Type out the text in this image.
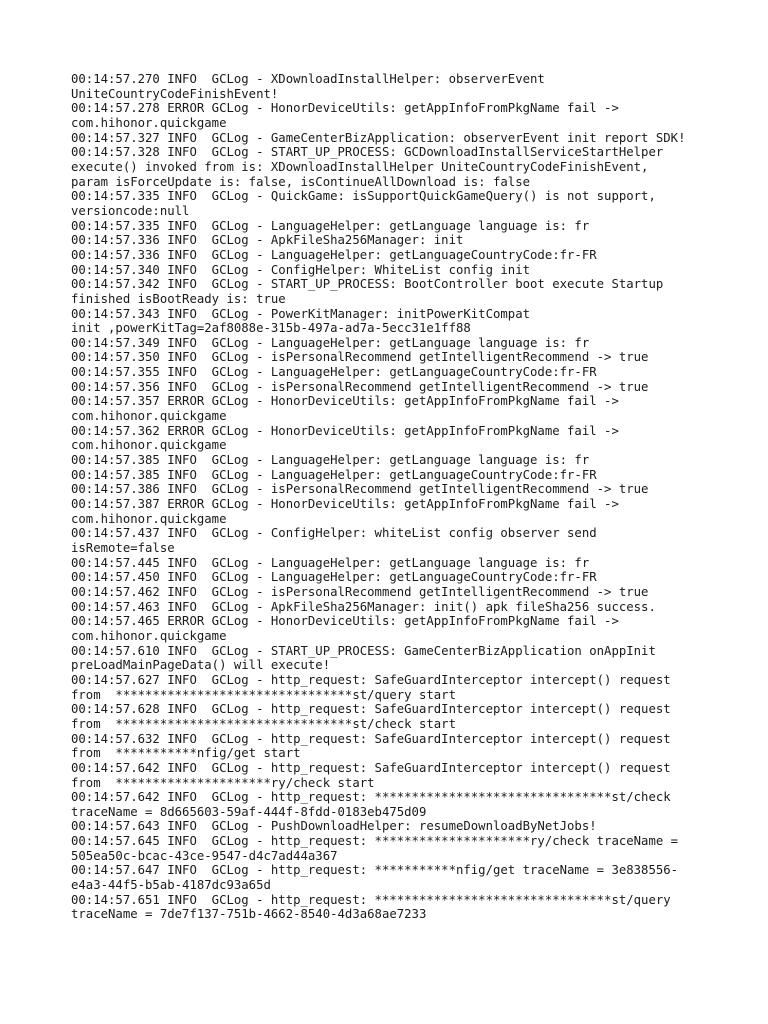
00:14:57.270 INFO  GCLog - XDownloadInstallHelper: observerEvent
UniteCountryCodeFinishEvent!
00:14:57.278 ERROR GCLog - HonorDeviceUtils: getAppInfoFromPkgName fail ->
com.hihonor.quickgame
00:14:57.327 INFO  GCLog - GameCenterBizApplication: observerEvent init report SDK!
00:14:57.328 INFO  GCLog - START_UP_PROCESS: GCDownloadInstallServiceStartHelper
execute() invoked from is: XDownloadInstallHelper UniteCountryCodeFinishEvent,
param isForceUpdate is: false, isContinueAllDownload is: false
00:14:57.335 INFO  GCLog - QuickGame: isSupportQuickGameQuery() is not support,
versioncode:null
00:14:57.335 INFO  GCLog - LanguageHelper: getLanguage language is: fr
00:14:57.336 INFO  GCLog - ApkFileSha256Manager: init
00:14:57.336 INFO  GCLog - LanguageHelper: getLanguageCountryCode:fr-FR
00:14:57.340 INFO  GCLog - ConfigHelper: WhiteList config init
00:14:57.342 INFO  GCLog - START_UP_PROCESS: BootController boot execute Startup
finished isBootReady is: true
00:14:57.343 INFO  GCLog - PowerKitManager: initPowerKitCompat
init ,powerKitTag=2af8088e-315b-497a-ad7a-5ecc31e1ff88
00:14:57.349 INFO  GCLog - LanguageHelper: getLanguage language is: fr
00:14:57.350 INFO  GCLog - isPersonalRecommend getIntelligentRecommend -> true
00:14:57.355 INFO  GCLog - LanguageHelper: getLanguageCountryCode:fr-FR
00:14:57.356 INFO  GCLog - isPersonalRecommend getIntelligentRecommend -> true
00:14:57.357 ERROR GCLog - HonorDeviceUtils: getAppInfoFromPkgName fail ->
com.hihonor.quickgame
00:14:57.362 ERROR GCLog - HonorDeviceUtils: getAppInfoFromPkgName fail ->
com.hihonor.quickgame
00:14:57.385 INFO  GCLog - LanguageHelper: getLanguage language is: fr
00:14:57.385 INFO  GCLog - LanguageHelper: getLanguageCountryCode:fr-FR
00:14:57.386 INFO  GCLog - isPersonalRecommend getIntelligentRecommend -> true
00:14:57.387 ERROR GCLog - HonorDeviceUtils: getAppInfoFromPkgName fail ->
com.hihonor.quickgame
00:14:57.437 INFO  GCLog - ConfigHelper: whiteList config observer send
isRemote=false
00:14:57.445 INFO  GCLog - LanguageHelper: getLanguage language is: fr
00:14:57.450 INFO  GCLog - LanguageHelper: getLanguageCountryCode:fr-FR
00:14:57.462 INFO  GCLog - isPersonalRecommend getIntelligentRecommend -> true
00:14:57.463 INFO  GCLog - ApkFileSha256Manager: init() apk fileSha256 success.
00:14:57.465 ERROR GCLog - HonorDeviceUtils: getAppInfoFromPkgName fail ->
com.hihonor.quickgame
00:14:57.610 INFO  GCLog - START_UP_PROCESS: GameCenterBizApplication onAppInit
preLoadMainPageData() will execute!
00:14:57.627 INFO  GCLog - http_request: SafeGuardInterceptor intercept() request
from  ********************************st/query start
00:14:57.628 INFO  GCLog - http_request: SafeGuardInterceptor intercept() request
from  ********************************st/check start
00:14:57.632 INFO  GCLog - http_request: SafeGuardInterceptor intercept() request
from  ***********nfig/get start
00:14:57.642 INFO  GCLog - http_request: SafeGuardInterceptor intercept() request
from  *********************ry/check start
00:14:57.642 INFO  GCLog - http_request: ********************************st/check
traceName = 8d665603-59af-444f-8fdd-0183eb475d09
00:14:57.643 INFO  GCLog - PushDownloadHelper: resumeDownloadByNetJobs!
00:14:57.645 INFO  GCLog - http_request: *********************ry/check traceName =
505ea50c-bcac-43ce-9547-d4c7ad44a367
00:14:57.647 INFO  GCLog - http_request: ***********nfig/get traceName = 3e838556-
e4a3-44f5-b5ab-4187dc93a65d
00:14:57.651 INFO  GCLog - http_request: ********************************st/query
traceName = 7de7f137-751b-4662-8540-4d3a68ae7233
